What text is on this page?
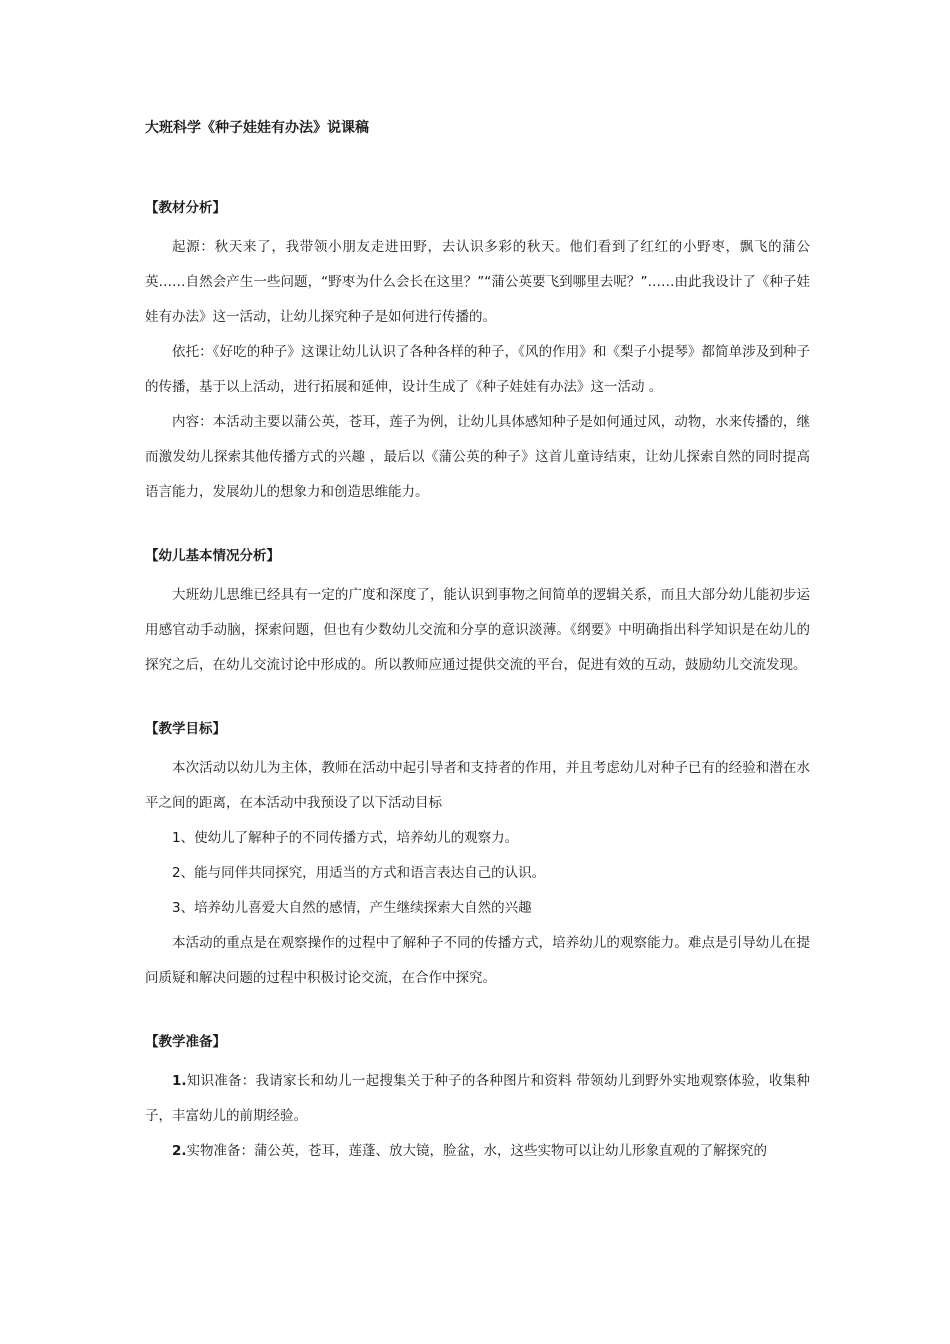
大班科学《种子娃娃有办法》说课稿

【教材分析】

起源：秋天来了，我带领小朋友走进田野，去认识多彩的秋天。他们看到了红红的小野枣，飘飞的蒲公英……自然会产生一些问题，“野枣为什么会长在这里？”“蒲公英要飞到哪里去呢？”……由此我设计了《种子娃娃有办法》这一活动，让幼儿探究种子是如何进行传播的。

依托：《好吃的种子》这课让幼儿认识了各种各样的种子，《风的作用》和《梨子小提琴》都简单涉及到种子的传播，基于以上活动，进行拓展和延伸，设计生成了《种子娃娃有办法》这一活动 。

内容：本活动主要以蒲公英，苍耳，莲子为例，让幼儿具体感知种子是如何通过风，动物，水来传播的，继而激发幼儿探索其他传播方式的兴趣 ，最后以《蒲公英的种子》这首儿童诗结束，让幼儿探索自然的同时提高语言能力，发展幼儿的想象力和创造思维能力。

【幼儿基本情况分析】

大班幼儿思维已经具有一定的广度和深度了，能认识到事物之间简单的逻辑关系，而且大部分幼儿能初步运用感官动手动脑，探索问题，但也有少数幼儿交流和分享的意识淡薄。《纲要》中明确指出科学知识是在幼儿的探究之后，在幼儿交流讨论中形成的。所以教师应通过提供交流的平台，促进有效的互动，鼓励幼儿交流发现。

【教学目标】

本次活动以幼儿为主体，教师在活动中起引导者和支持者的作用，并且考虑幼儿对种子已有的经验和潜在水平之间的距离，在本活动中我预设了以下活动目标

1、使幼儿了解种子的不同传播方式，培养幼儿的观察力。

2、能与同伴共同探究，用适当的方式和语言表达自己的认识。

3、培养幼儿喜爱大自然的感情，产生继续探索大自然的兴趣

本活动的重点是在观察操作的过程中了解种子不同的传播方式，培养幼儿的观察能力。难点是引导幼儿在提问质疑和解决问题的过程中积极讨论交流，在合作中探究。

【教学准备】

1.知识准备：我请家长和幼儿一起搜集关于种子的各种图片和资料 带领幼儿到野外实地观察体验，收集种子，丰富幼儿的前期经验。

2.实物准备：蒲公英，苍耳，莲蓬、放大镜，脸盆，水，这些实物可以让幼儿形象直观的了解探究的
